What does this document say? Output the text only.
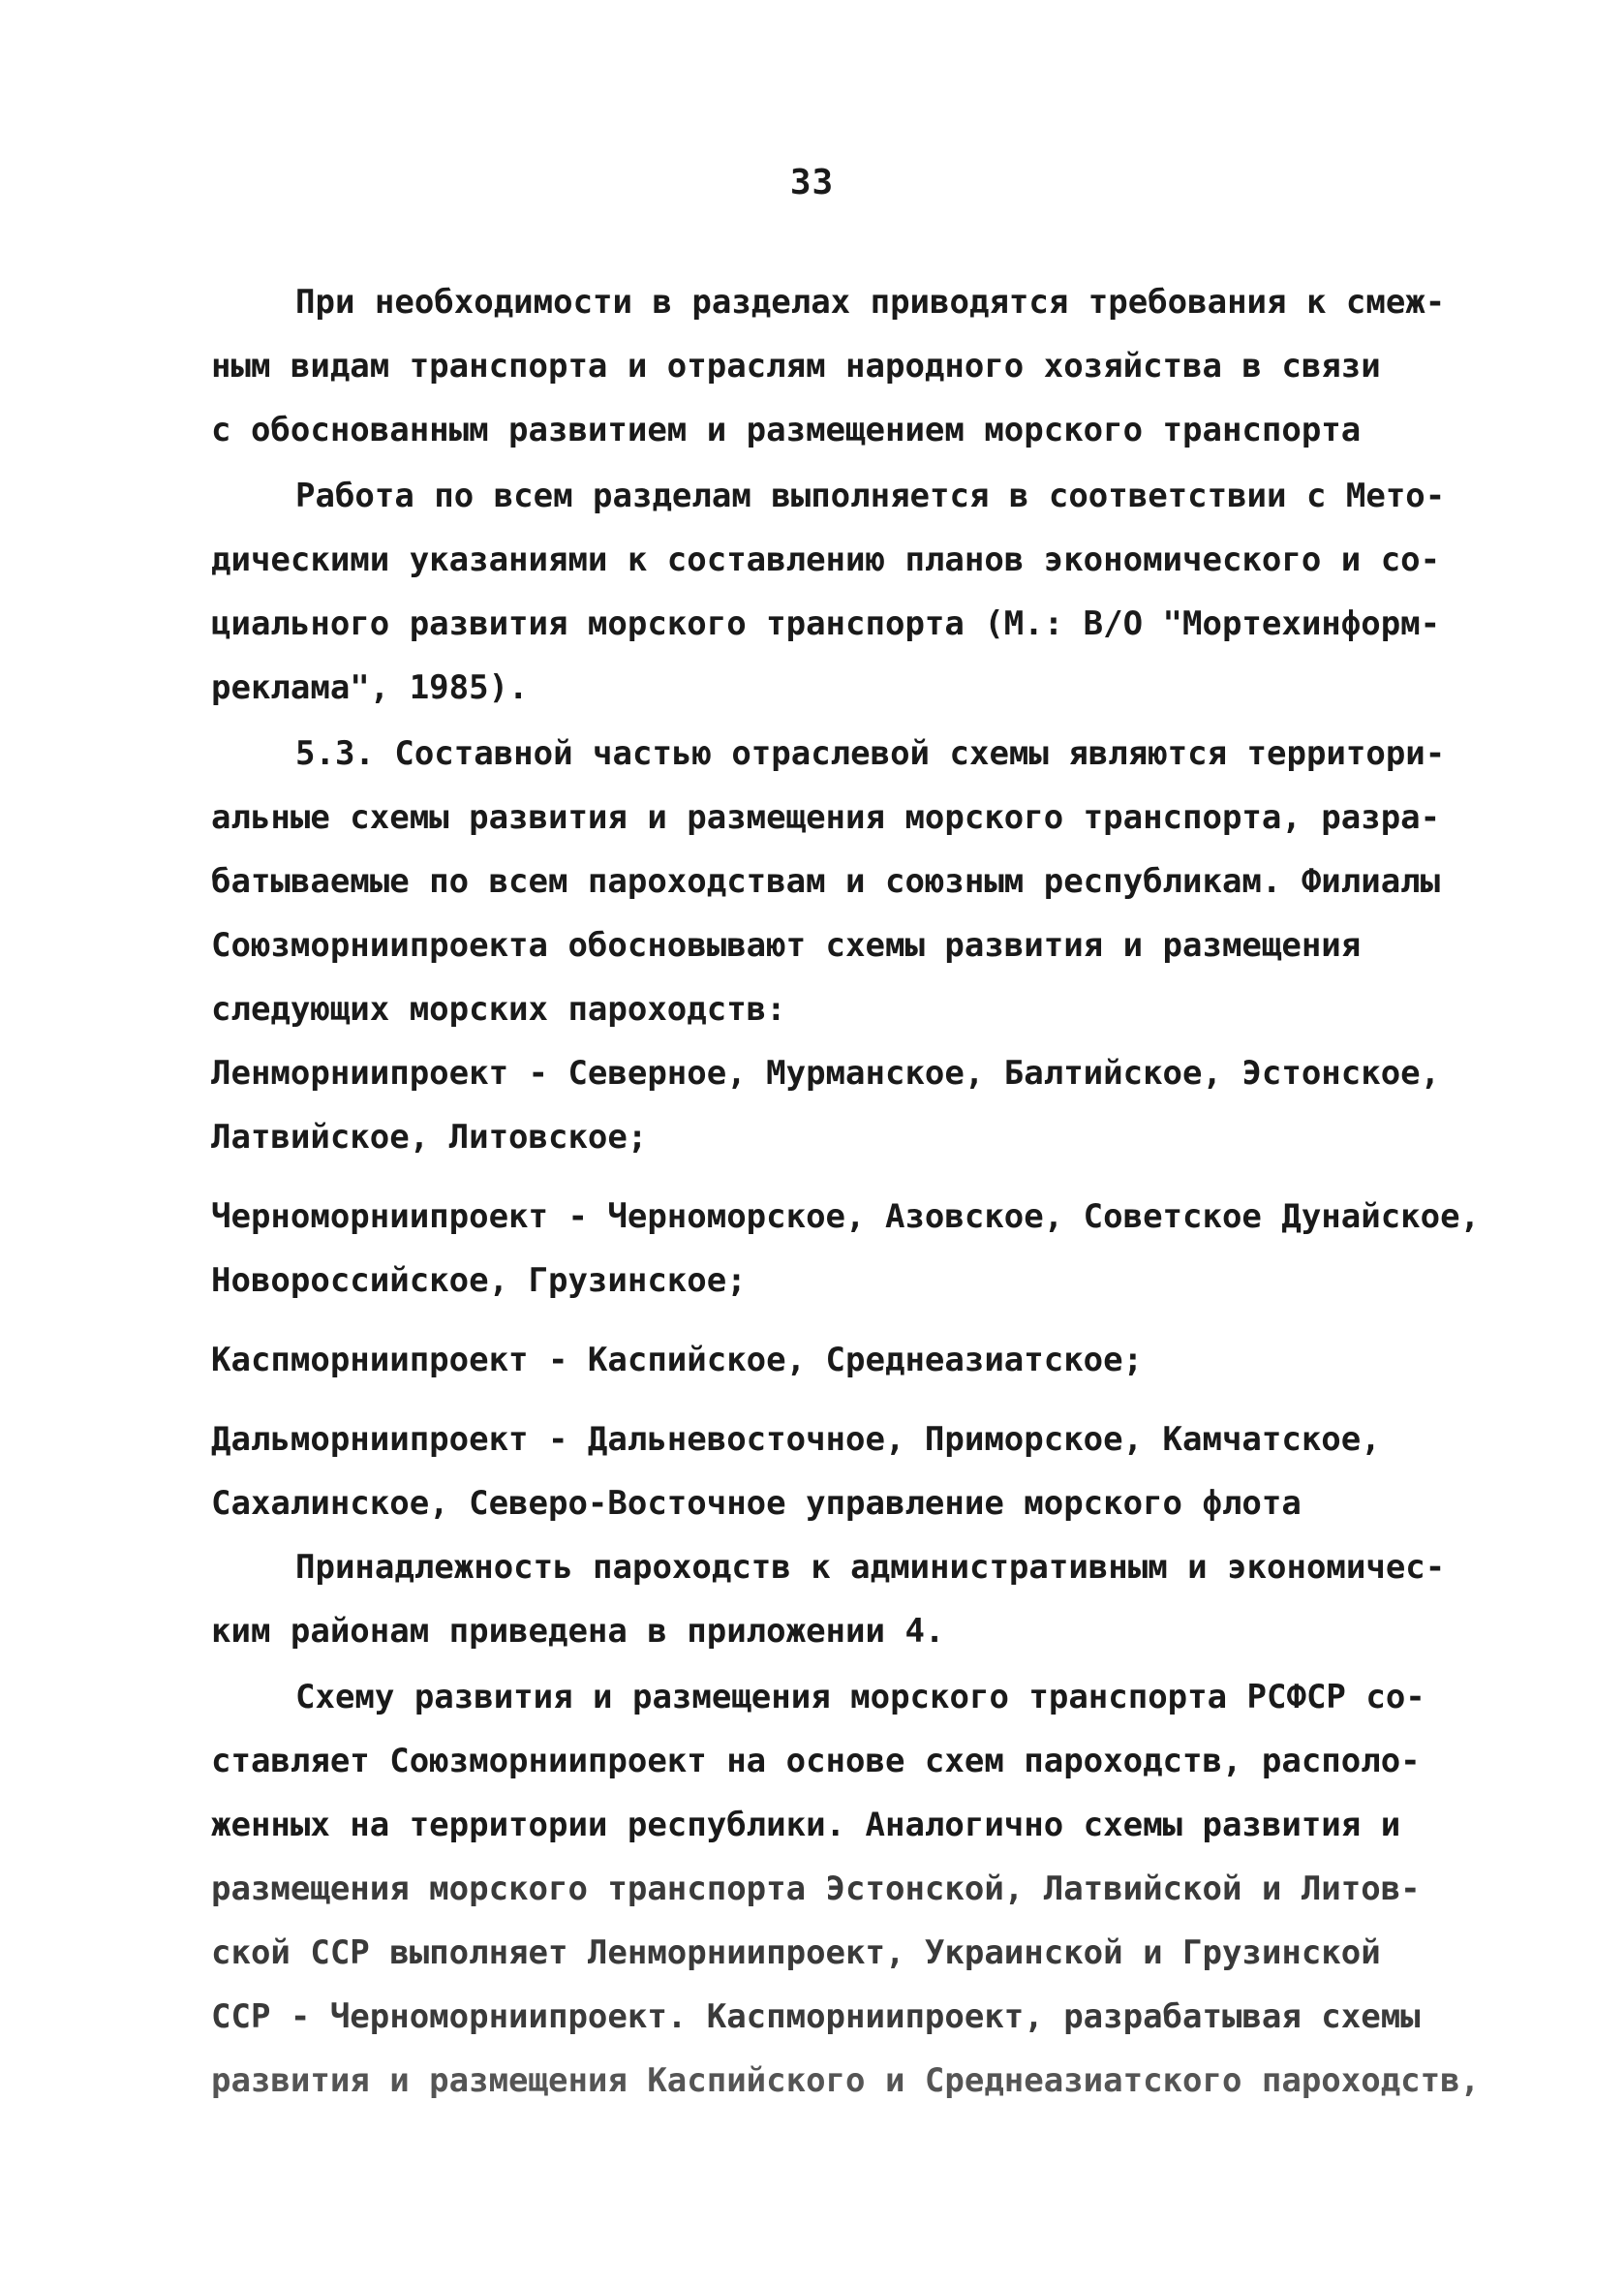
33
При необходимости в разделах приводятся требования к смеж-
ным видам транспорта и отраслям народного хозяйства в связи
с обоснованным развитием и размещением морского транспорта
Работа по всем разделам выполняется в соответствии с Мето-
дическими указаниями к составлению планов экономического и со-
циального развития морского транспорта (М.: В/О "Мортехинформ-
реклама", 1985).
5.3. Составной частью отраслевой схемы являются территори-
альные схемы развития и размещения морского транспорта, разра-
батываемые по всем пароходствам и союзным республикам. Филиалы
Союзморниипроекта обосновывают схемы развития и размещения
следующих морских пароходств:
Ленморниипроект - Северное, Мурманское, Балтийское, Эстонское,
Латвийское, Литовское;
Черноморниипроект - Черноморское, Азовское, Советское Дунайское,
Новороссийское, Грузинское;
Каспморниипроект - Каспийское, Среднеазиатское;
Дальморниипроект - Дальневосточное, Приморское, Камчатское,
Сахалинское, Северо-Восточное управление морского флота
Принадлежность пароходств к административным и экономичес-
ким районам приведена в приложении 4.
Схему развития и размещения морского транспорта РСФСР со-
ставляет Союзморниипроект на основе схем пароходств, располо-
женных на территории республики. Аналогично схемы развития и
размещения морского транспорта Эстонской, Латвийской и Литов-
ской ССР выполняет Ленморниипроект, Украинской и Грузинской
ССР - Черноморниипроект. Каспморниипроект, разрабатывая схемы
развития и размещения Каспийского и Среднеазиатского пароходств,
